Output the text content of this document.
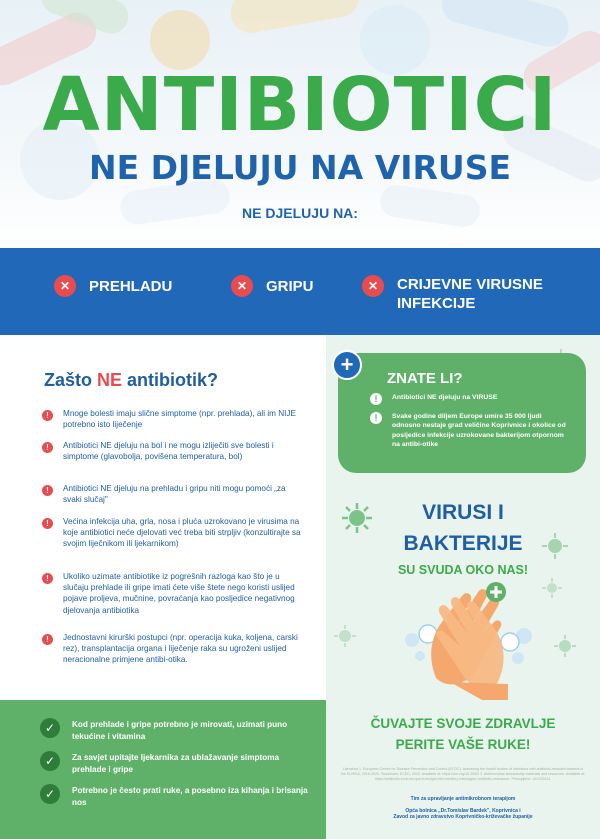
ANTIBIOTICI
NE DJELUJU NA VIRUSE
NE DJELUJU NA:
✕	PREHLADU	✕	GRIPU	✕	CRIJEVNE VIRUSNE
INFEKCIJE
Zašto NE antibiotik?
!	Mnoge bolesti imaju slične simptome (npr. prehlada), ali im NIJE potrebno isto liječenje
!	Antibiotici NE djeluju na bol i ne mogu izliječiti sve bolesti i simptome (glavobolja, povišena temperatura, bol)
!	Antibiotici NE djeluju na prehladu i gripu niti mogu pomoći „za svaki slučaj"
!	Većina infekcija uha, grla, nosa i pluća uzrokovano je virusima na koje antibiotici neće djelovati već treba biti strpljiv (konzultirajte sa svojim liječnikom ili ljekarnikom)
!	Ukoliko uzimate antibiotike iz pogrešnih razloga kao što je u slučaju prehlade ili gripe imati ćete više štete nego koristi uslijed pojave proljeva, mučnine, povraćanja kao posljedice negativnog djelovanja antibiotika
!	Jednostavni kirurški postupci (npr. operacija kuka, koljena, carski rez), transplantacija organa i liječenje raka su ugroženi uslijed neracionalne primjene antibi-otika.
✓	Kod prehlade i gripe potrebno je mirovati, uzimati puno tekućine i vitamina
✓	Za savjet upitajte ljekarnika za ublažavanje simptoma prehlade i gripe
✓	Potrebno je često prati ruke, a posebno iza kihanja i brisanja nos
+
ZNATE LI?
!	Antibiotici NE djeluju na VIRUSE
!	Svake godine diljem Europe umire 35 000 ljudi odnosno nestaje grad veličine Koprivnice i okolice od posljedice infekcije uzrokovane bakterijom otpornom na antibi-otike
VIRUSI I
BAKTERIJE
SU SVUDA OKO NAS!
ČUVAJTE SVOJE ZDRAVLJE
PERITE VAŠE RUKE!
Literatura 1. European Centre for Disease Prevention and Control (ECDC). Assessing the health burden of infections with antibiotic-resistant bacteria in the EU/EEA, 2016-2020. Stockholm: ECDC; 2022. Available at: https://doi.org/10.2900/ 2. Antimicrobial stewardship materials and resources. Available at: https://antibiotic.ecdc.europa.eu/en/get-informed/key-messages/ antibiotic-resistance. Pristupljeno: 10/12/2024.
Tim za upravljanje antimikrobnom terapijom
Opća bolnica „Dr.Tomislav Bardek", Koprivnica i
Zavod za javno zdravstvo Koprivničko-križevačke županije
